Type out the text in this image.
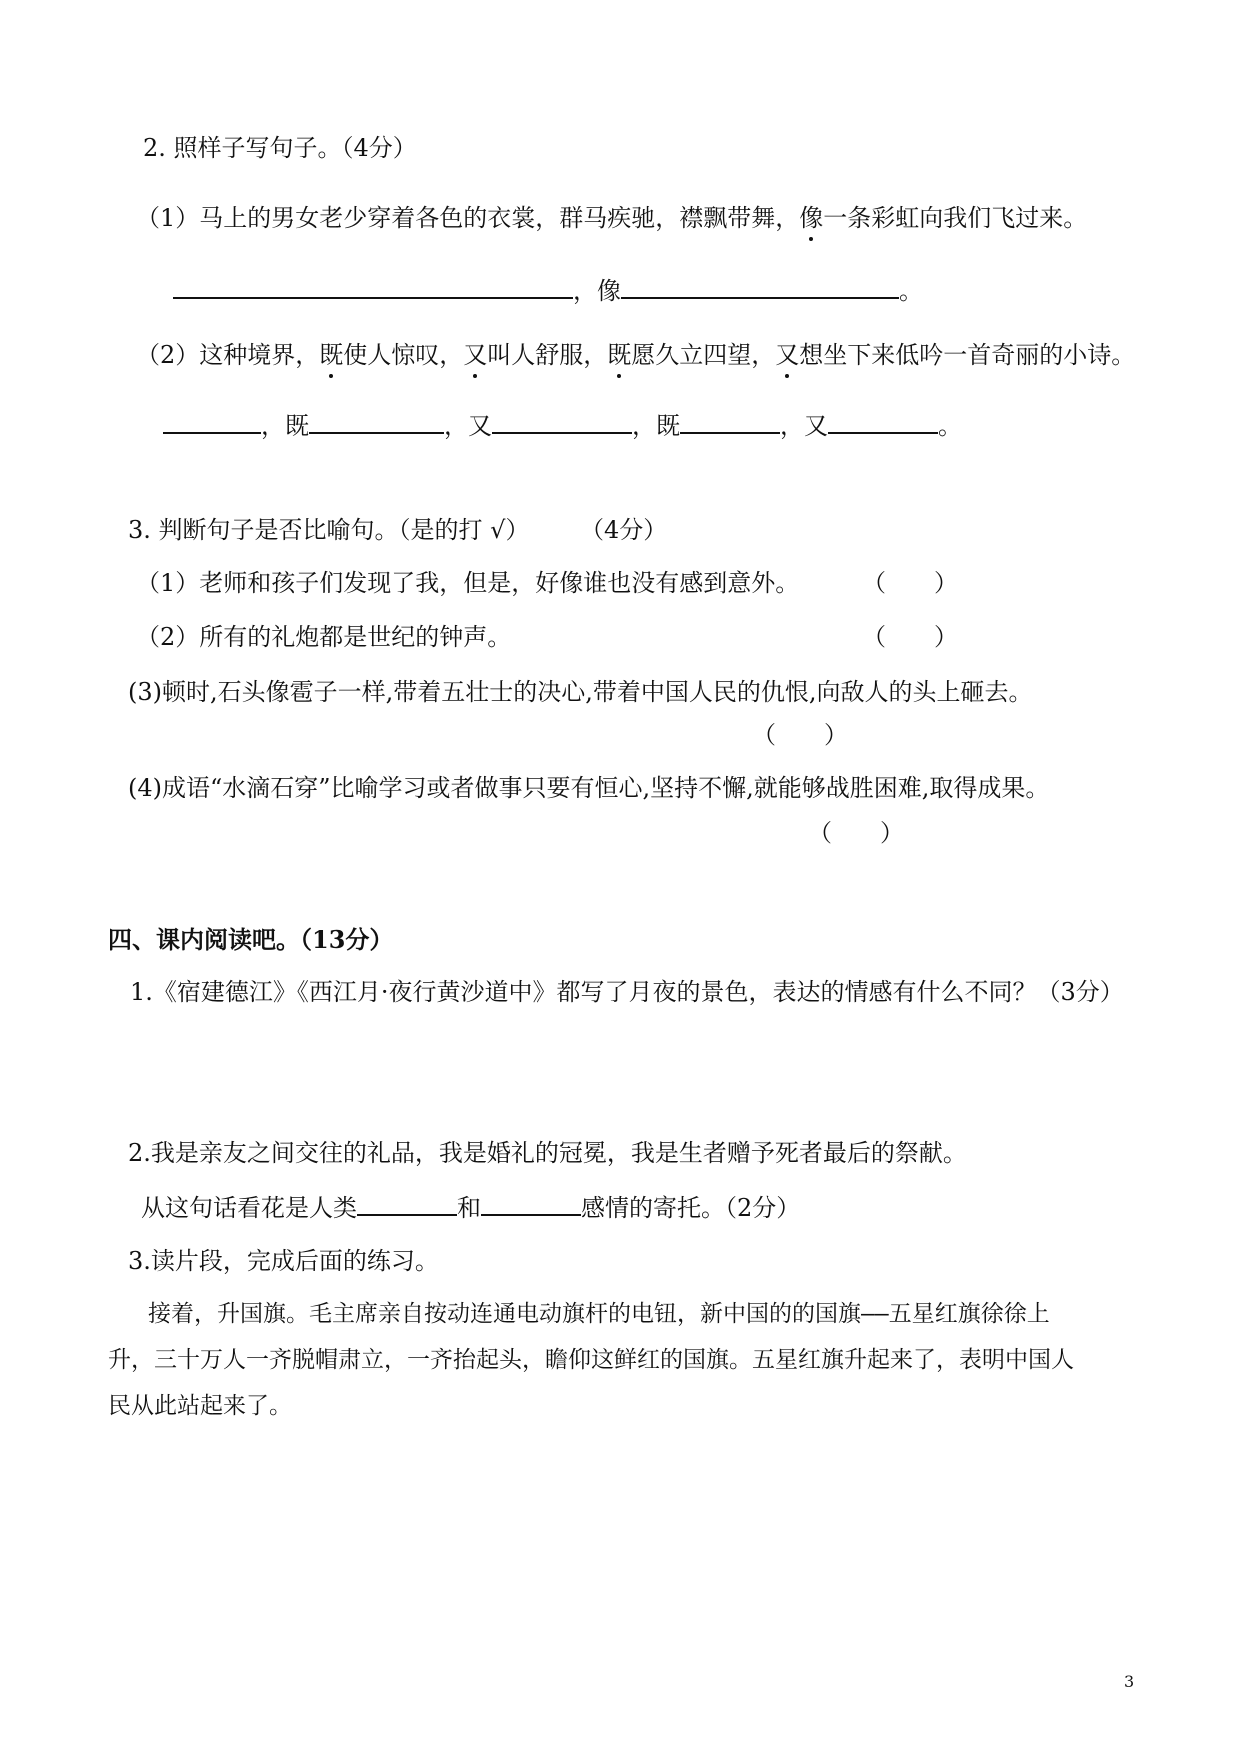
2. 照样子写句子。（4分）
（1）马上的男女老少穿着各色的衣裳，群马疾驰，襟飘带舞，像一条彩虹向我们飞过来。
，像	。
（2）这种境界，既使人惊叹，又叫人舒服，既愿久立四望，又想坐下来低吟一首奇丽的小诗。
，既	，又	，既	，又	。
3. 判断句子是否比喻句。（是的打 √） （4分）
（1）老师和孩子们发现了我，但是，好像谁也没有感到意外。	（　　）
（2）所有的礼炮都是世纪的钟声。	（　　）
(3)顿时,石头像雹子一样,带着五壮士的决心,带着中国人民的仇恨,向敌人的头上砸去。
（　　）
(4)成语“水滴石穿”比喻学习或者做事只要有恒心,坚持不懈,就能够战胜困难,取得成果。
（　　）
四、课内阅读吧。（13分）
1.《宿建德江》《西江月·夜行黄沙道中》都写了月夜的景色，表达的情感有什么不同？（3分）
2.我是亲友之间交往的礼品，我是婚礼的冠冕，我是生者赠予死者最后的祭献。
从这句话看花是人类	和	感情的寄托。（2分）
3.读片段，完成后面的练习。
接着，升国旗。毛主席亲自按动连通电动旗杆的电钮，新中国的的国旗——五星红旗徐徐上
升，三十万人一齐脱帽肃立，一齐抬起头，瞻仰这鲜红的国旗。五星红旗升起来了，表明中国人
民从此站起来了。
3
